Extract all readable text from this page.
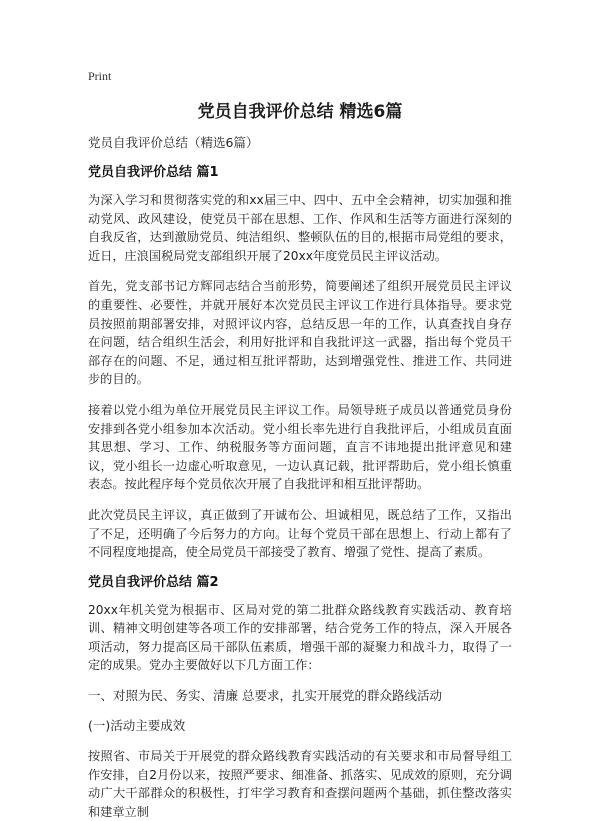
Print
党员自我评价总结 精选6篇
党员自我评价总结（精选6篇）
党员自我评价总结 篇1

为深入学习和贯彻落实党的和xx届三中、四中、五中全会精神，切实加强和推动党风、政风建设，使党员干部在思想、工作、作风和生活等方面进行深刻的自我反省，达到激励党员、纯洁组织、整顿队伍的目的,根据市局党组的要求，近日，庄浪国税局党支部组织开展了20xx年度党员民主评议活动。

首先，党支部书记方辉同志结合当前形势，简要阐述了组织开展党员民主评议的重要性、必要性，并就开展好本次党员民主评议工作进行具体指导。要求党员按照前期部署安排，对照评议内容，总结反思一年的工作，认真查找自身存在问题，结合组织生活会，利用好批评和自我批评这一武器，指出每个党员干部存在的问题、不足，通过相互批评帮助，达到增强党性、推进工作、共同进步的目的。

接着以党小组为单位开展党员民主评议工作。局领导班子成员以普通党员身份安排到各党小组参加本次活动。党小组长率先进行自我批评后，小组成员直面其思想、学习、工作、纳税服务等方面问题，直言不讳地提出批评意见和建议，党小组长一边虚心听取意见，一边认真记载，批评帮助后，党小组长慎重表态。按此程序每个党员依次开展了自我批评和相互批评帮助。

此次党员民主评议，真正做到了开诚布公、坦诚相见，既总结了工作，又指出了不足，还明确了今后努力的方向。让每个党员干部在思想上、行动上都有了不同程度地提高，使全局党员干部接受了教育、增强了党性、提高了素质。

党员自我评价总结 篇2

20xx年机关党为根据市、区局对党的第二批群众路线教育实践活动、教育培训、精神文明创建等各项工作的安排部署，结合党务工作的特点，深入开展各项活动，努力提高区局干部队伍素质，增强干部的凝聚力和战斗力，取得了一定的成果。党办主要做好以下几方面工作：

一、对照为民、务实、清廉 总要求，扎实开展党的群众路线活动
(一)活动主要成效

按照省、市局关于开展党的群众路线教育实践活动的有关要求和市局督导组工作安排，自2月份以来，按照严要求、细准备、抓落实、见成效的原则，充分调动广大干部群众的积极性，打牢学习教育和查摆问题两个基础，抓住整改落实和建章立制
